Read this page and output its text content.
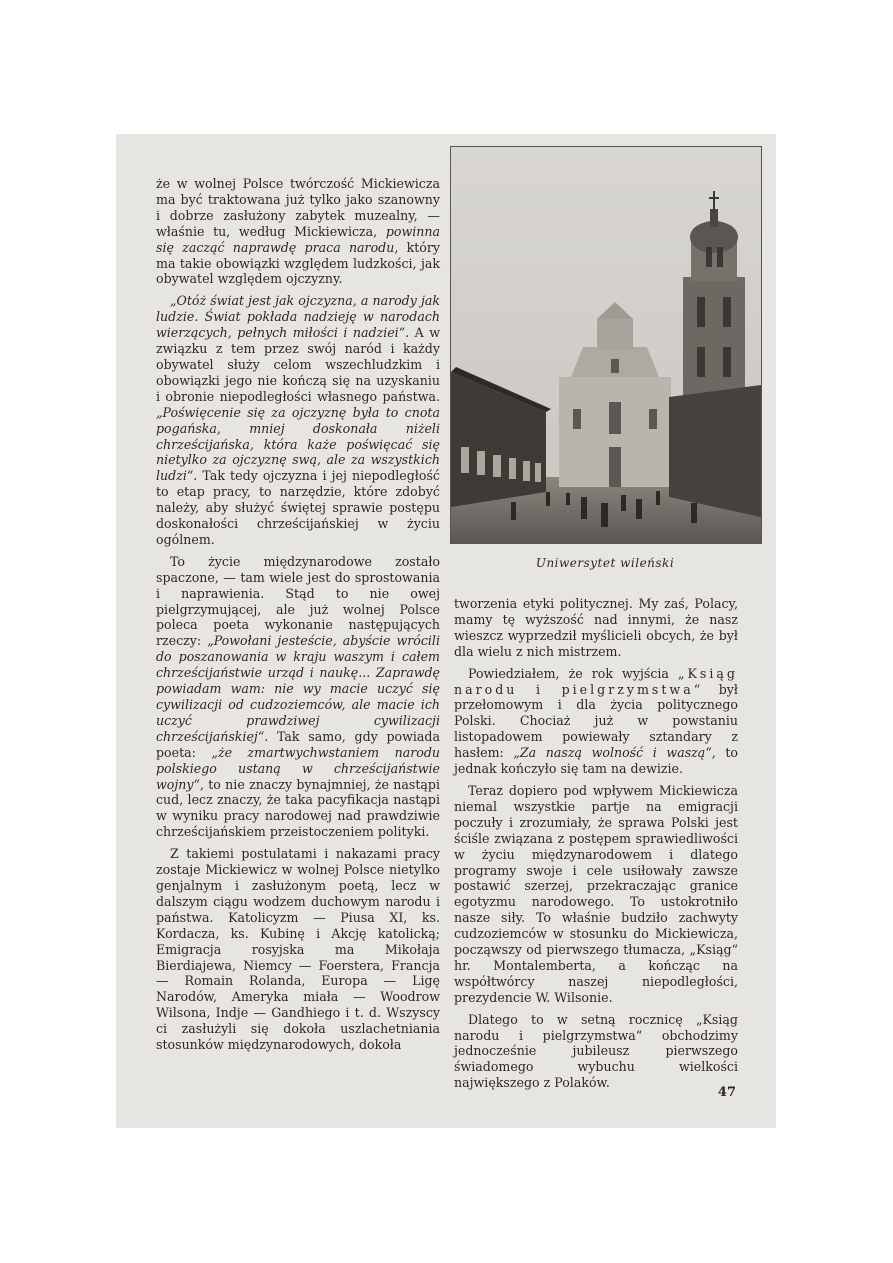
że w wolnej Polsce twórczość Mickiewicza ma być traktowana już tylko jako szanowny i dobrze zasłużony zabytek muzealny, — właśnie tu, według Mickiewicza, powinna się zacząć naprawdę praca narodu, który ma takie obowiązki względem ludzkości, jak obywatel względem ojczyzny.

„Otóż świat jest jak ojczyzna, a narody jak ludzie. Świat pokłada nadzieję w narodach wierzących, pełnych miłości i nadziei“. A w związku z tem przez swój naród i każdy obywatel służy celom wszechludzkim i obowiązki jego nie kończą się na uzyskaniu i obronie niepodległości własnego państwa. „Poświęcenie się za ojczyznę była to cnota pogańska, mniej doskonała niżeli chrześcijańska, która każe poświęcać się nietylko za ojczyznę swą, ale za wszystkich ludzi“. Tak tedy ojczyzna i jej niepodległość to etap pracy, to narzędzie, które zdobyć należy, aby służyć świętej sprawie postępu doskonałości chrześcijańskiej w życiu ogólnem.

To życie międzynarodowe zostało spaczone, — tam wiele jest do sprostowania i naprawienia. Stąd to nie owej pielgrzymującej, ale już wolnej Polsce poleca poeta wykonanie następujących rzeczy: „Powołani jesteście, abyście wrócili do poszanowania w kraju waszym i całem chrześcijaństwie urząd i naukę... Zaprawdę powiadam wam: nie wy macie uczyć się cywilizacji od cudzoziemców, ale macie ich uczyć prawdziwej cywilizacji chrześcijańskiej“. Tak samo, gdy powiada poeta: „że zmartwychwstaniem narodu polskiego ustaną w chrześcijaństwie wojny“, to nie znaczy bynajmniej, że nastąpi cud, lecz znaczy, że taka pacyfikacja nastąpi w wyniku pracy narodowej nad prawdziwie chrześcijańskiem przeistoczeniem polityki.

Z takiemi postulatami i nakazami pracy zostaje Mickiewicz w wolnej Polsce nietylko genjalnym i zasłużonym poetą, lecz w dalszym ciągu wodzem duchowym narodu i państwa. Katolicyzm — Piusa XI, ks. Kordacza, ks. Kubinę i Akcję katolicką; Emigracja rosyjska ma Mikołaja Bierdiajewa, Niemcy — Foerstera, Francja — Romain Rolanda, Europa — Ligę Narodów, Ameryka miała — Woodrow Wilsona, Indje — Gandhiego i t. d. Wszyscy ci zasłużyli się dokoła uszlachetniania stosunków międzynarodowych, dokoła

Uniwersytet wileński

tworzenia etyki politycznej. My zaś, Polacy, mamy tę wyższość nad innymi, że nasz wieszcz wyprzedził myślicieli obcych, że był dla wielu z nich mistrzem.

Powiedziałem, że rok wyjścia „Ksiąg narodu i pielgrzymstwa“ był przełomowym i dla życia politycznego Polski. Chociaż już w powstaniu listopadowem powiewały sztandary z hasłem: „Za naszą wolność i waszą“, to jednak kończyło się tam na dewizie.

Teraz dopiero pod wpływem Mickiewicza niemal wszystkie partje na emigracji poczuły i zrozumiały, że sprawa Polski jest ściśle związana z postępem sprawiedliwości w życiu międzynarodowem i dlatego programy swoje i cele usiłowały zawsze postawić szerzej, przekraczając granice egotyzmu narodowego. To ustokrotniło nasze siły. To właśnie budziło zachwyty cudzoziemców w stosunku do Mickiewicza, począwszy od pierwszego tłumacza, „Ksiąg“ hr. Montalemberta, a kończąc na współtwórcy naszej niepodległości, prezydencie W. Wilsonie.

Dlatego to w setną rocznicę „Ksiąg narodu i pielgrzymstwa“ obchodzimy jednocześnie jubileusz pierwszego świadomego wybuchu wielkości największego z Polaków.

47
